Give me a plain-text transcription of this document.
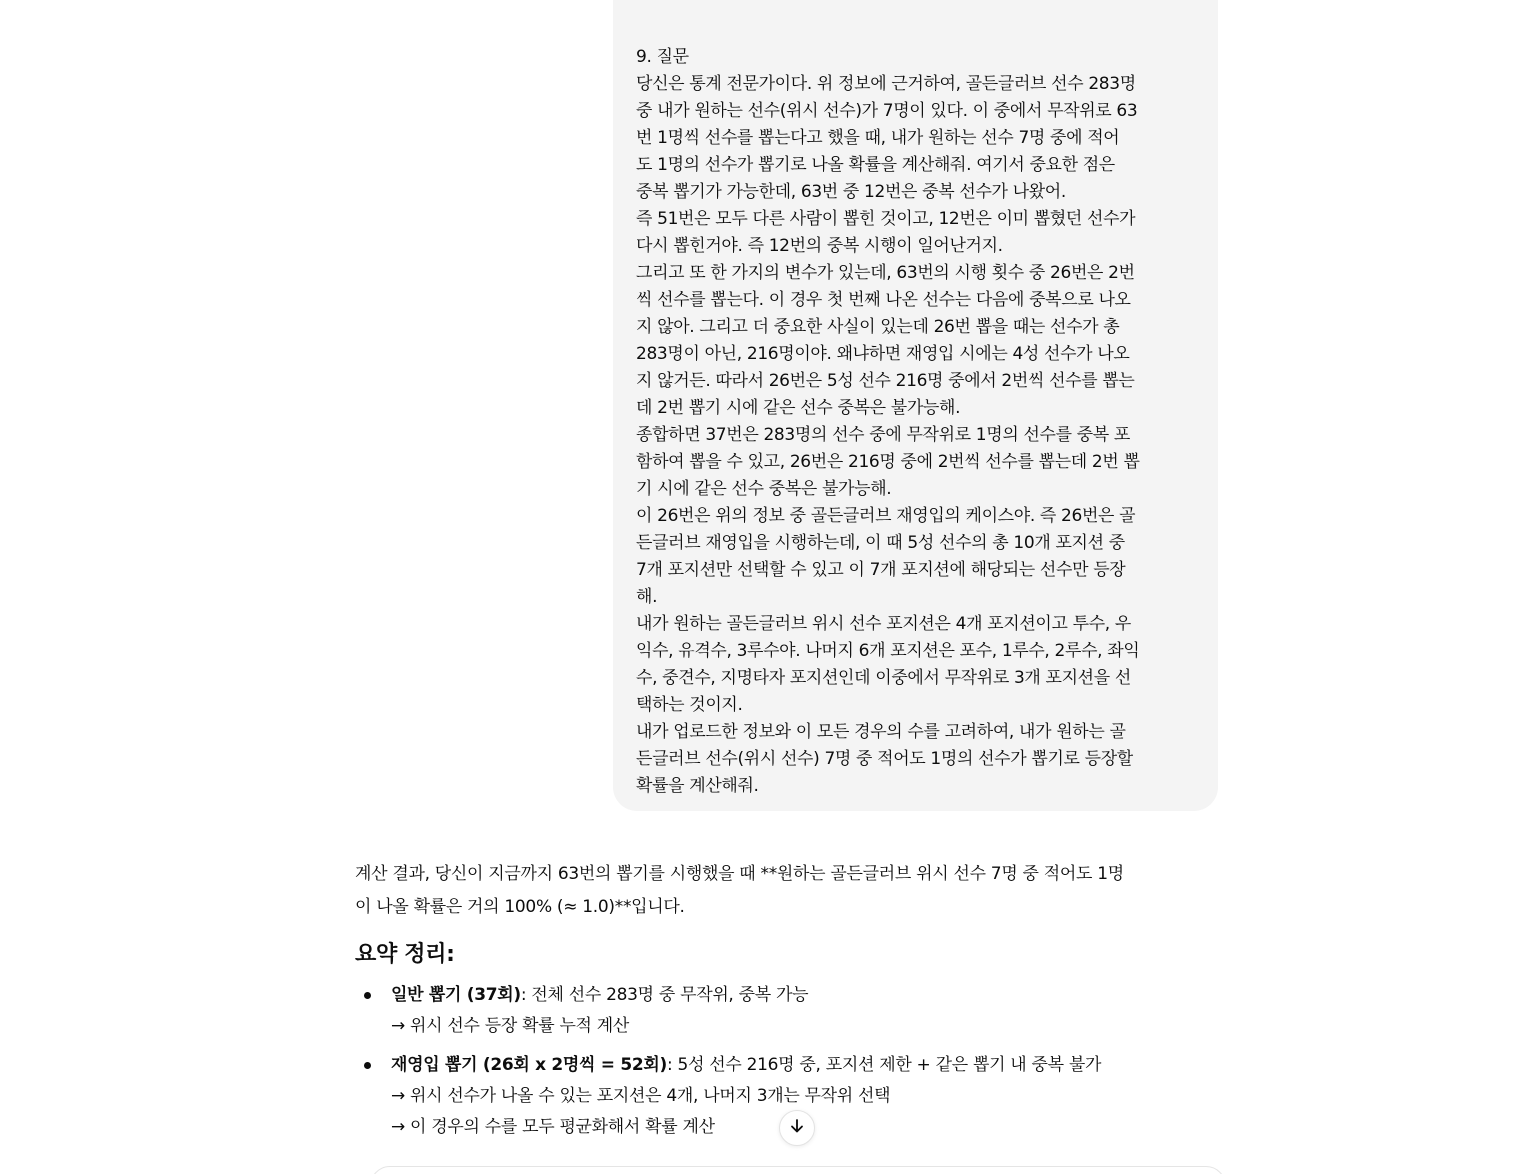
9. 질문
당신은 통계 전문가이다. 위 정보에 근거하여, 골든글러브 선수 283명
중 내가 원하는 선수(위시 선수)가 7명이 있다. 이 중에서 무작위로 63
번 1명씩 선수를 뽑는다고 했을 때, 내가 원하는 선수 7명 중에 적어
도 1명의 선수가 뽑기로 나올 확률을 계산해줘. 여기서 중요한 점은
중복 뽑기가 가능한데, 63번 중 12번은 중복 선수가 나왔어.
즉 51번은 모두 다른 사람이 뽑힌 것이고, 12번은 이미 뽑혔던 선수가
다시 뽑힌거야. 즉 12번의 중복 시행이 일어난거지.
그리고 또 한 가지의 변수가 있는데, 63번의 시행 횟수 중 26번은 2번
씩 선수를 뽑는다. 이 경우 첫 번째 나온 선수는 다음에 중복으로 나오
지 않아. 그리고 더 중요한 사실이 있는데 26번 뽑을 때는 선수가 총
283명이 아닌, 216명이야. 왜냐하면 재영입 시에는 4성 선수가 나오
지 않거든. 따라서 26번은 5성 선수 216명 중에서 2번씩 선수를 뽑는
데 2번 뽑기 시에 같은 선수 중복은 불가능해.
종합하면 37번은 283명의 선수 중에 무작위로 1명의 선수를 중복 포
함하여 뽑을 수 있고, 26번은 216명 중에 2번씩 선수를 뽑는데 2번 뽑
기 시에 같은 선수 중복은 불가능해.
이 26번은 위의 정보 중 골든글러브 재영입의 케이스야. 즉 26번은 골
든글러브 재영입을 시행하는데, 이 때 5성 선수의 총 10개 포지션 중
7개 포지션만 선택할 수 있고 이 7개 포지션에 해당되는 선수만 등장
해.
내가 원하는 골든글러브 위시 선수 포지션은 4개 포지션이고 투수, 우
익수, 유격수, 3루수야. 나머지 6개 포지션은 포수, 1루수, 2루수, 좌익
수, 중견수, 지명타자 포지션인데 이중에서 무작위로 3개 포지션을 선
택하는 것이지.
내가 업로드한 정보와 이 모든 경우의 수를 고려하여, 내가 원하는 골
든글러브 선수(위시 선수) 7명 중 적어도 1명의 선수가 뽑기로 등장할
확률을 계산해줘.

계산 결과, 당신이 지금까지 63번의 뽑기를 시행했을 때 **원하는 골든글러브 위시 선수 7명 중 적어도 1명

이 나올 확률은 거의 100% (≈ 1.0)**입니다.

요약 정리:
일반 뽑기 (37회): 전체 선수 283명 중 무작위, 중복 가능
→ 위시 선수 등장 확률 누적 계산
재영입 뽑기 (26회 x 2명씩 = 52회): 5성 선수 216명 중, 포지션 제한 + 같은 뽑기 내 중복 불가
→ 위시 선수가 나올 수 있는 포지션은 4개, 나머지 3개는 무작위 선택
→ 이 경우의 수를 모두 평균화해서 확률 계산
